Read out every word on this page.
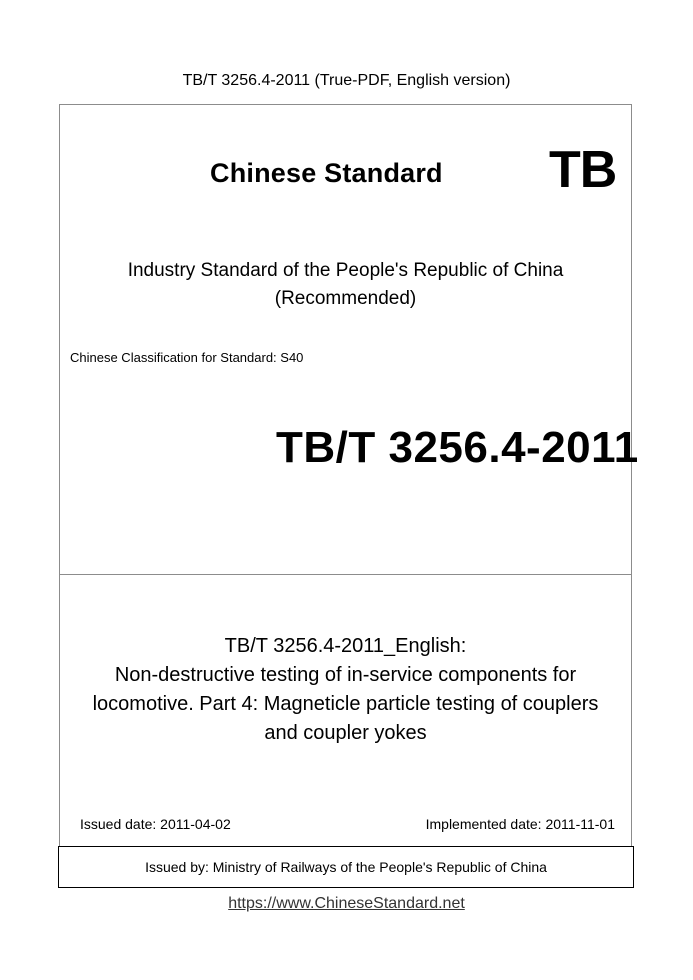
TB/T 3256.4-2011 (True-PDF, English version)
Issued by: Ministry of Railways of the People's Republic of China
Chinese Standard TB
Industry Standard of the People's Republic of China
(Recommended)
Chinese Classification for Standard: S40
TB/T 3256.4-2011
TB/T 3256.4-2011_English:
Non-destructive testing of in-service components for
locomotive. Part 4: Magneticle particle testing of couplers
and coupler yokes
Issued date: 2011-04-02	Implemented date: 2011-11-01
https://www.ChineseStandard.net
